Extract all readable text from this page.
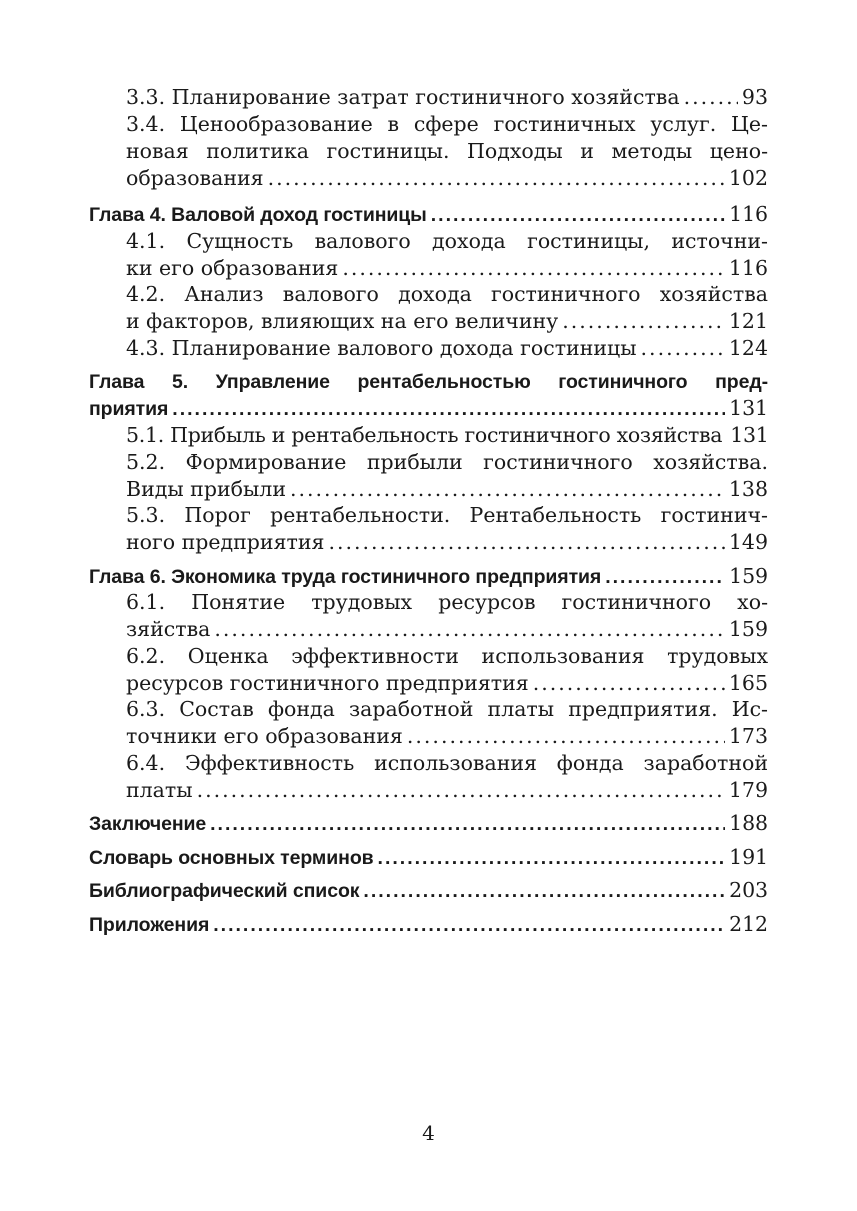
3.3. Планирование затрат гостиничного хозяйства .....	93
3.4. Ценообразование в сфере гостиничных услуг. Це-
новая политика гостиницы. Подходы и методы цено-
образования .....	102
Глава 4. Валовой доход гостиницы .....	116
4.1. Сущность валового дохода гостиницы, источни-
ки его образования .....	116
4.2. Анализ валового дохода гостиничного хозяйства
и факторов, влияющих на его величину .....	121
4.3. Планирование валового дохода гостиницы .....	124
Глава 5. Управление рентабельностью гостиничного пред-
приятия .....	131
5.1. Прибыль и рентабельность гостиничного хозяйства 131
5.2. Формирование прибыли гостиничного хозяйства.
Виды прибыли .....	138
5.3. Порог рентабельности. Рентабельность гостинич-
ного предприятия .....	149
Глава 6. Экономика труда гостиничного предприятия .....	159
6.1. Понятие трудовых ресурсов гостиничного хо-
зяйства .....	159
6.2. Оценка эффективности использования трудовых
ресурсов гостиничного предприятия .....	165
6.3. Состав фонда заработной платы предприятия. Ис-
точники его образования .....	173
6.4. Эффективность использования фонда заработной
платы .....	179
Заключение .....	188
Словарь основных терминов .....	191
Библиографический список .....	203
Приложения .....	212
4
